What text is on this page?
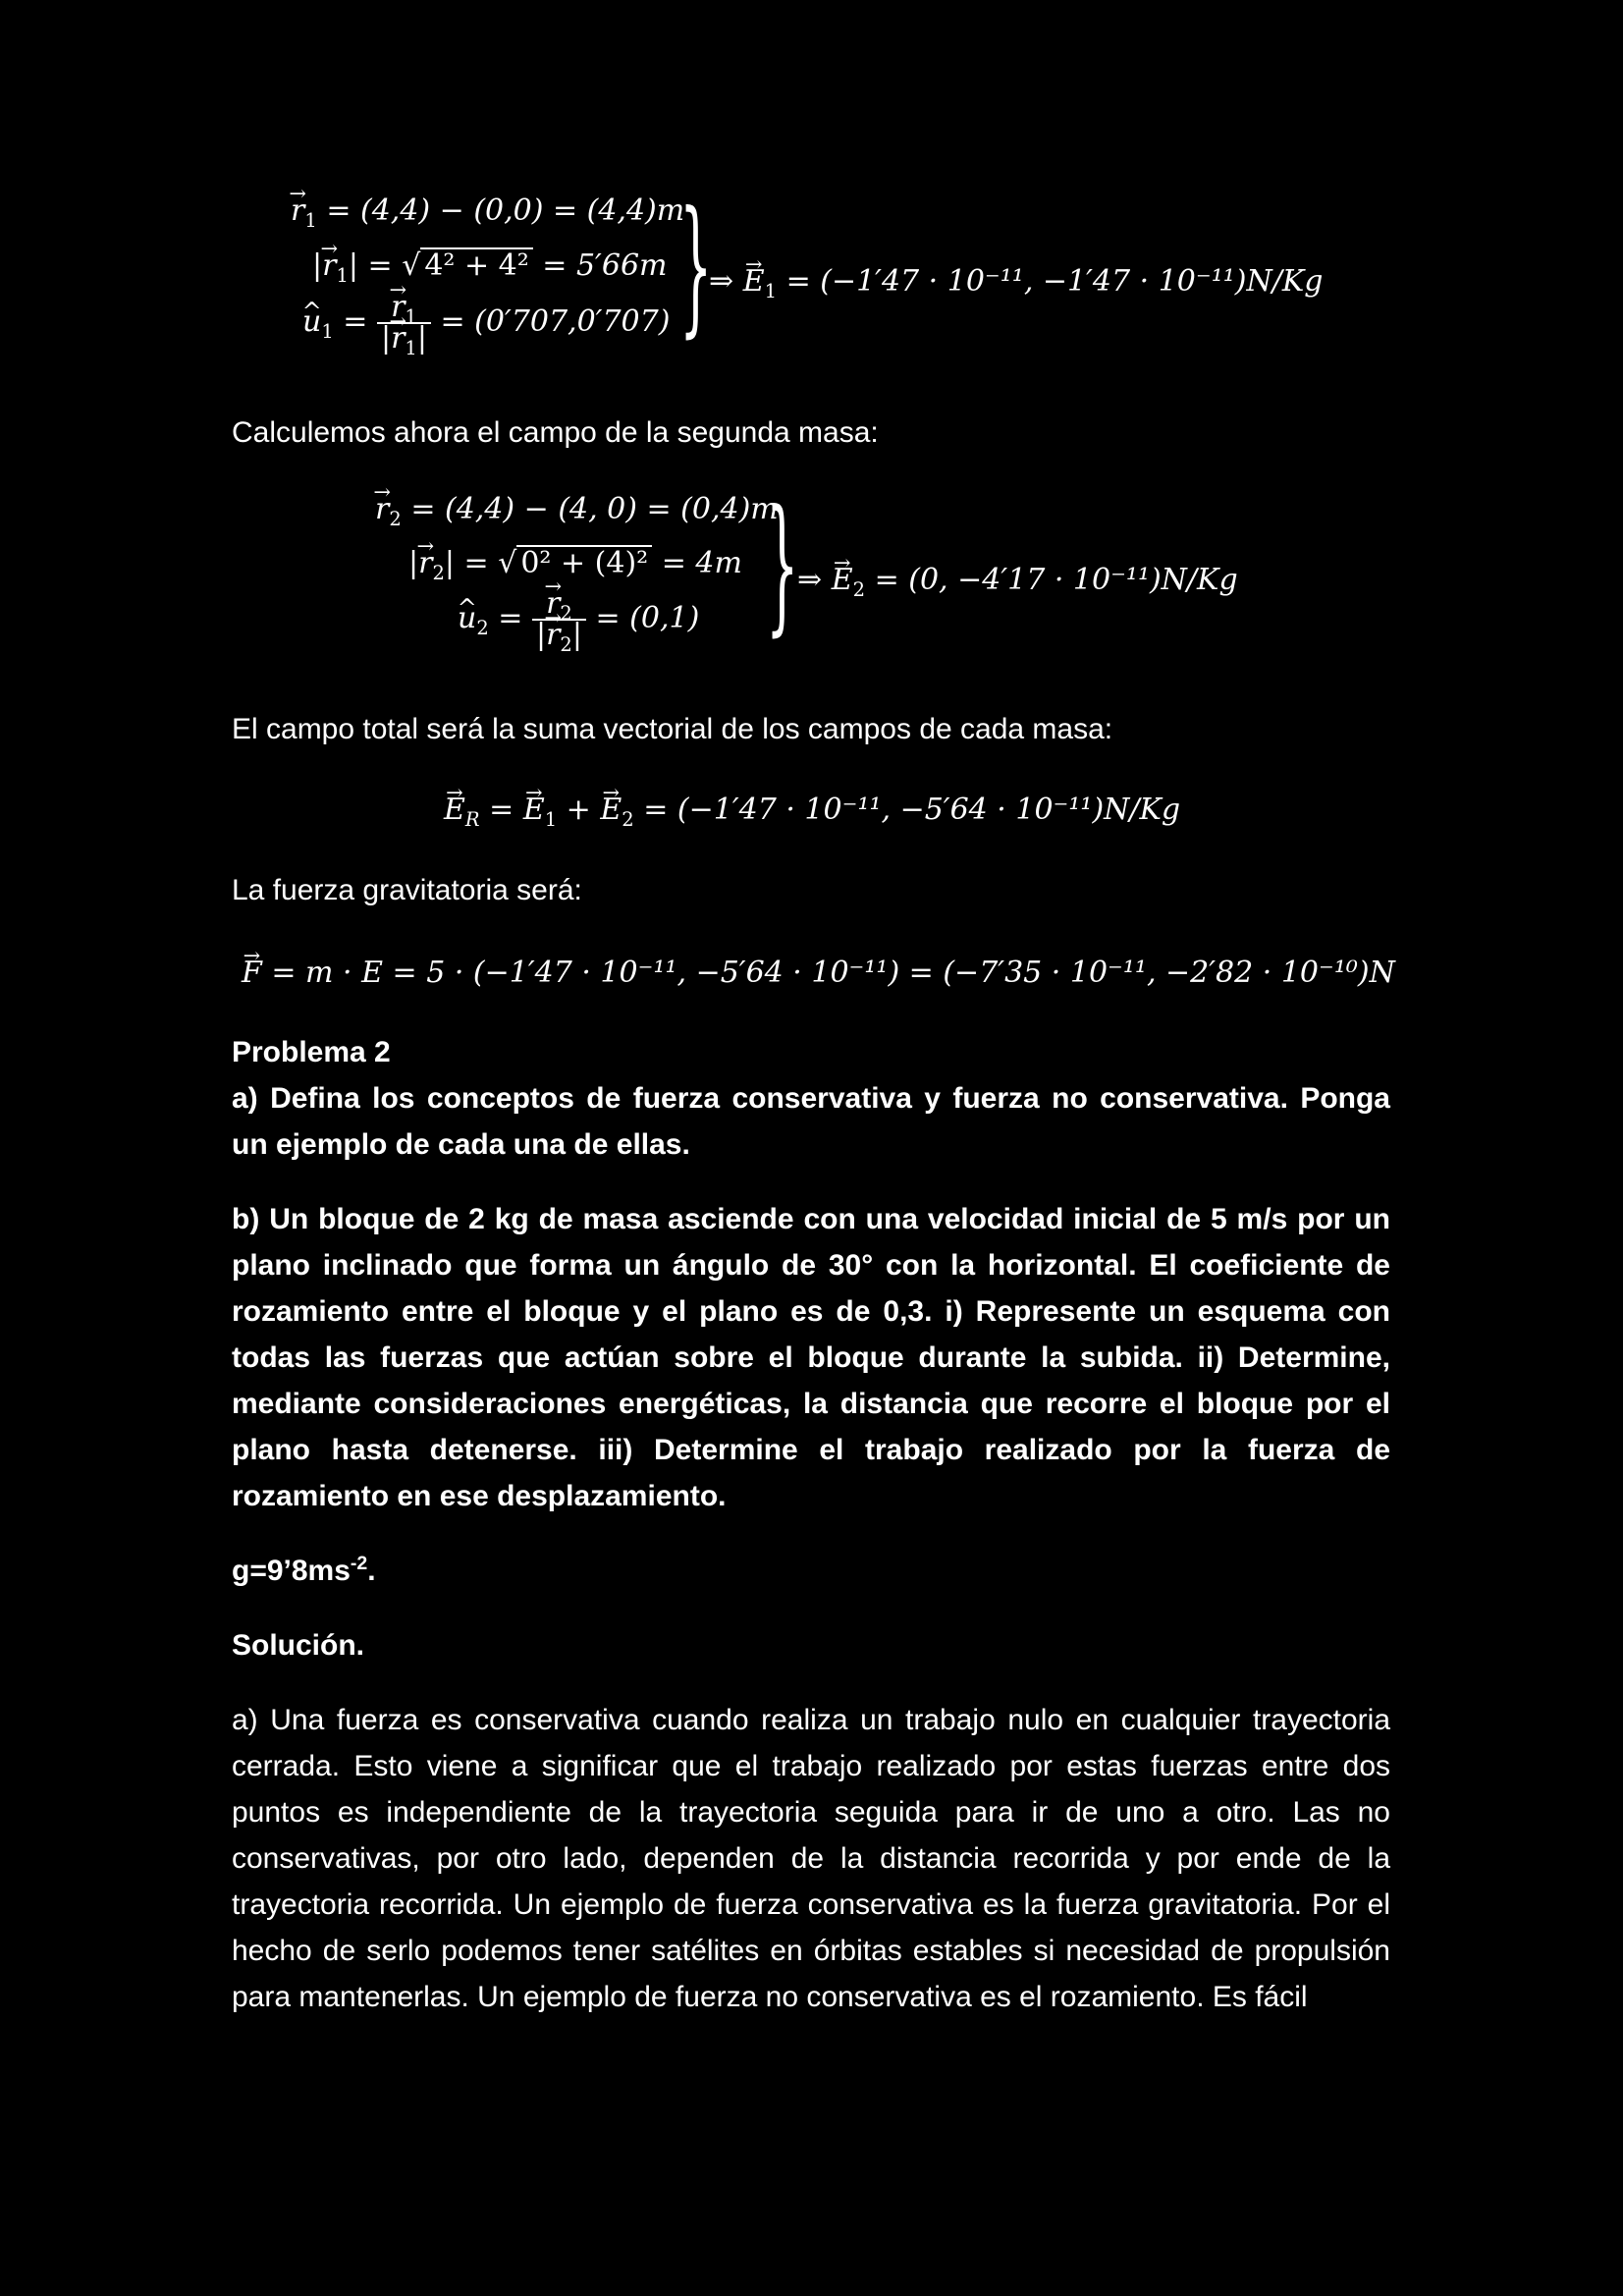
→ $r_1 = (4,4) - (0,0) = (4,4)m$
|→ $r_1|$ = √ 4² + 4² = 5′66m
^ $u_1$ = → $\frac{r_1}{|\to r_1|} = (0'707,0'707)$ }
⇒ → $E_1 = (-1'47 \cdot 10^{-11}$, −1′47 · 10⁻¹¹)N/Kg
Calculemos ahora el campo de la segunda masa:
→ $r_2 = (4,4) - (4$, 0) = (0,4)m
|→ $r_2|$ = √ 0² + (4)² = 4m
^ $u_2$ = → $\frac{r_2}{|\to r_2|} = (0,1)$ }
⇒ → $E_2 = (0$, −4′17 · 10⁻¹¹)N/Kg
El campo total será la suma vectorial de los campos de cada masa:
→ $E_R$ = → $E_1$ + → $E_2 = (-1'47 \cdot 10^{-11}$, −5′64 · 10⁻¹¹)N/Kg
La fuerza gravitatoria será:
→ F = m · E = 5 · (−1′47 · 10⁻¹¹, −5′64 · 10⁻¹¹) = (−7′35 · 10⁻¹¹, −2′82 · 10⁻¹⁰)N

Problema 2

a) Defina los conceptos de fuerza conservativa y fuerza no conservativa. Ponga un ejemplo de cada una de ellas.

b) Un bloque de 2 kg de masa asciende con una velocidad inicial de 5 m/s por un plano inclinado que forma un ángulo de 30° con la horizontal. El coeficiente de rozamiento entre el bloque y el plano es de 0,3. i) Represente un esquema con todas las fuerzas que actúan sobre el bloque durante la subida. ii) Determine, mediante consideraciones energéticas, la distancia que recorre el bloque por el plano hasta detenerse. iii) Determine el trabajo realizado por la fuerza de rozamiento en ese desplazamiento.

$g=9’8ms^{-2}$.

Solución.

a) Una fuerza es conservativa cuando realiza un trabajo nulo en cualquier trayectoria cerrada. Esto viene a significar que el trabajo realizado por estas fuerzas entre dos puntos es independiente de la trayectoria seguida para ir de uno a otro. Las no conservativas, por otro lado, dependen de la distancia recorrida y por ende de la trayectoria recorrida. Un ejemplo de fuerza conservativa es la fuerza gravitatoria. Por el hecho de serlo podemos tener satélites en órbitas estables si necesidad de propulsión para mantenerlas. Un ejemplo de fuerza no conservativa es el rozamiento. Es fácil
